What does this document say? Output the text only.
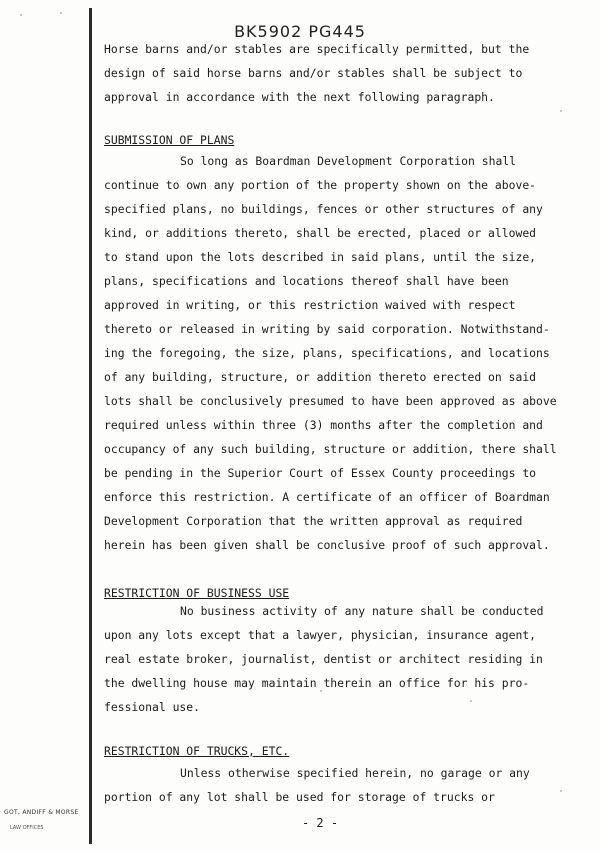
BK5902 PG445
Horse barns and/or stables are specifically permitted, but the
design of said horse barns and/or stables shall be subject to
approval in accordance with the next following paragraph.
SUBMISSION OF PLANS
So long as Boardman Development Corporation shall
continue to own any portion of the property shown on the above-
specified plans, no buildings, fences or other structures of any
kind, or additions thereto, shall be erected, placed or allowed
to stand upon the lots described in said plans, until the size,
plans, specifications and locations thereof shall have been
approved in writing, or this restriction waived with respect
thereto or released in writing by said corporation. Notwithstand-
ing the foregoing, the size, plans, specifications, and locations
of any building, structure, or addition thereto erected on said
lots shall be conclusively presumed to have been approved as above
required unless within three (3) months after the completion and
occupancy of any such building, structure or addition, there shall
be pending in the Superior Court of Essex County proceedings to
enforce this restriction. A certificate of an officer of Boardman
Development Corporation that the written approval as required
herein has been given shall be conclusive proof of such approval.
RESTRICTION OF BUSINESS USE
No business activity of any nature shall be conducted
upon any lots except that a lawyer, physician, insurance agent,
real estate broker, journalist, dentist or architect residing in
the dwelling house may maintain therein an office for his pro-
fessional use.
RESTRICTION OF TRUCKS, ETC.
Unless otherwise specified herein, no garage or any
portion of any lot shall be used for storage of trucks or
- 2 -
GOT, ANDIFF & MORSE
LAW OFFICES
